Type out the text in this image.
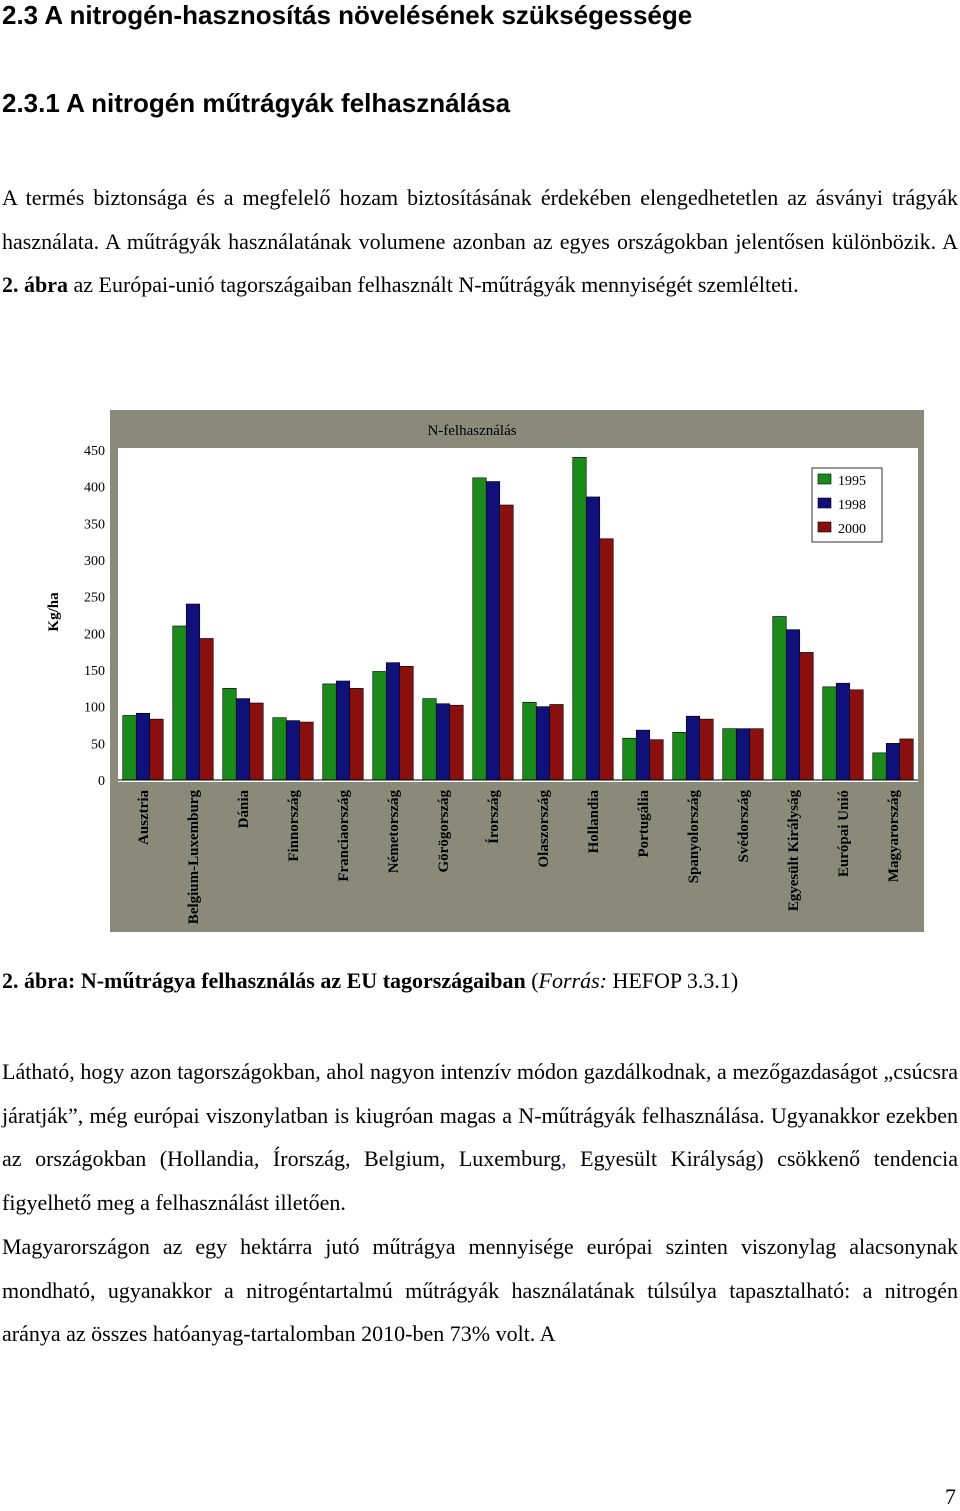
2.3 A nitrogén-hasznosítás növelésének szükségessége
2.3.1 A nitrogén műtrágyák felhasználása

A termés biztonsága és a megfelelő hozam biztosításának érdekében elengedhetetlen az ásványi trágyák használata. A műtrágyák használatának volumene azonban az egyes országokban jelentősen különbözik. A 2. ábra az Európai-unió tagországaiban felhasznált N-műtrágyák mennyiségét szemlélteti.

N-felhasználás
Kg/ha
0
50
100
150
200
250
300
350
400
450
Ausztria Belgium-Luxemburg Dánia Finnország Franciaország Németország Görögország Írország Olaszország Hollandia Portugália Spanyolország Svédország Egyesült Királyság Európai Unió Magyarország
1995
1998
2000

2. ábra: N-műtrágya felhasználás az EU tagországaiban (Forrás: HEFOP 3.3.1)

Látható, hogy azon tagországokban, ahol nagyon intenzív módon gazdálkodnak, a mezőgazdaságot „csúcsra járatják”, még európai viszonylatban is kiugróan magas a N-műtrágyák felhasználása. Ugyanakkor ezekben az országokban (Hollandia, Írország, Belgium, Luxemburg, Egyesült Királyság) csökkenő tendencia figyelhető meg a felhasználást illetően.

Magyarországon az egy hektárra jutó műtrágya mennyisége európai szinten viszonylag alacsonynak mondható, ugyanakkor a nitrogéntartalmú műtrágyák használatának túlsúlya tapasztalható: a nitrogén aránya az összes hatóanyag-tartalomban 2010-ben 73% volt. A

7
